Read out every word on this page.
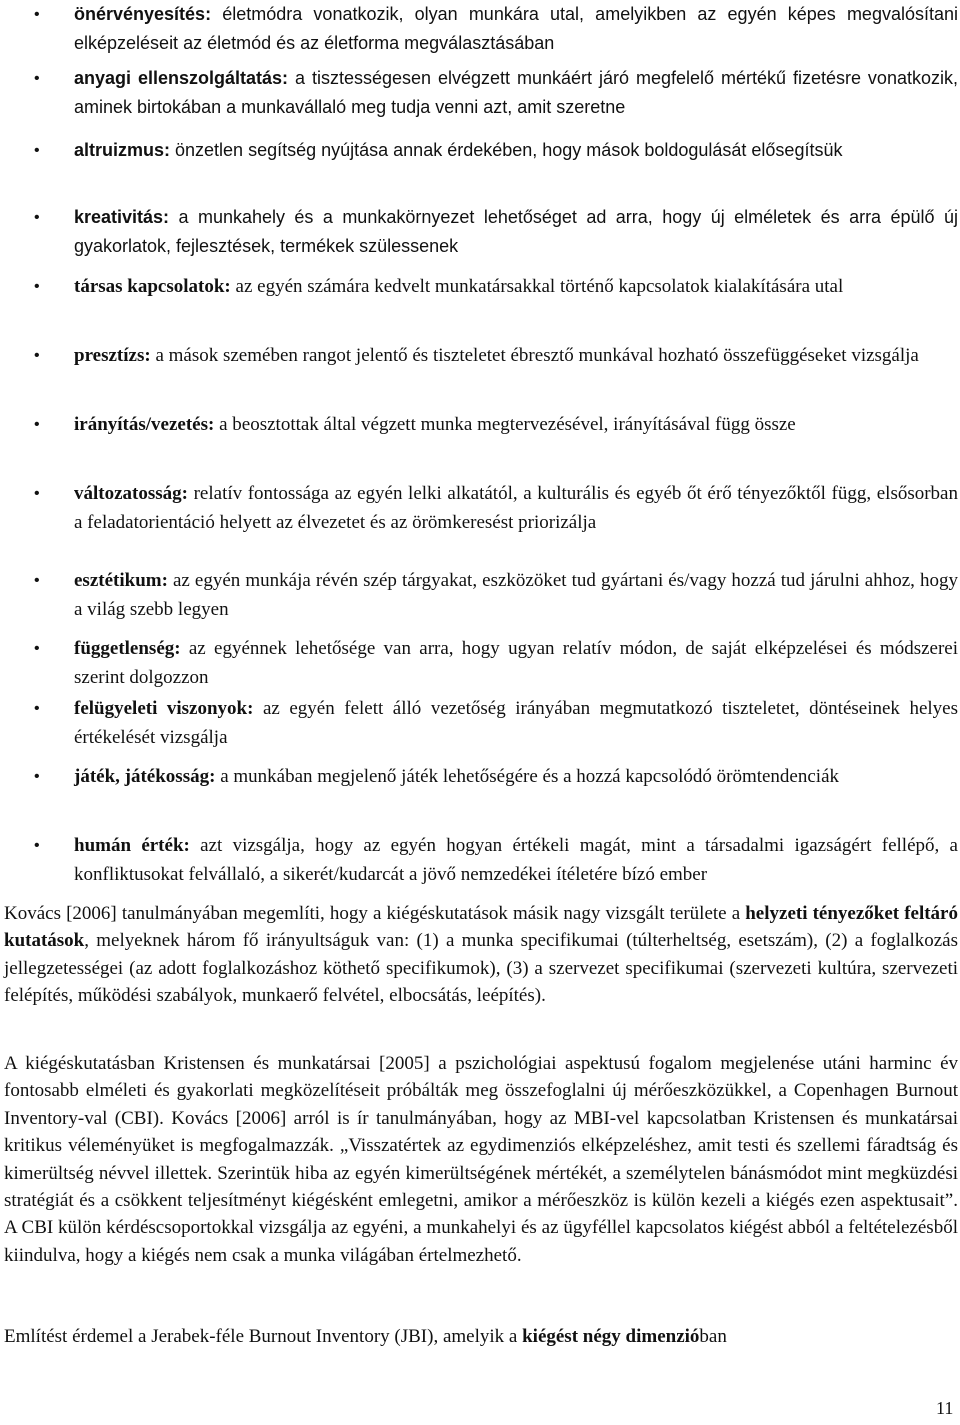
• önérvényesítés: életmódra vonatkozik, olyan munkára utal, amelyikben az egyén képes megvalósítani elképzeléseit az életmód és az életforma megválasztásában
• anyagi ellenszolgáltatás: a tisztességesen elvégzett munkáért járó megfelelő mértékű fizetésre vonatkozik, aminek birtokában a munkavállaló meg tudja venni azt, amit szeretne
• altruizmus: önzetlen segítség nyújtása annak érdekében, hogy mások boldogulását elősegítsük
• kreativitás: a munkahely és a munkakörnyezet lehetőséget ad arra, hogy új elméletek és arra épülő új gyakorlatok, fejlesztések, termékek szülessenek
• társas kapcsolatok: az egyén számára kedvelt munkatársakkal történő kapcsolatok kialakítására utal
• presztízs: a mások szemében rangot jelentő és tiszteletet ébresztő munkával hozható összefüggéseket vizsgálja
• irányítás/vezetés: a beosztottak által végzett munka megtervezésével, irányításával függ össze
• változatosság: relatív fontossága az egyén lelki alkatától, a kulturális és egyéb őt érő tényezőktől függ, elsősorban a feladatorientáció helyett az élvezetet és az örömkeresést priorizálja
• esztétikum: az egyén munkája révén szép tárgyakat, eszközöket tud gyártani és/vagy hozzá tud járulni ahhoz, hogy a világ szebb legyen
• függetlenség: az egyénnek lehetősége van arra, hogy ugyan relatív módon, de saját elképzelései és módszerei szerint dolgozzon
• felügyeleti viszonyok: az egyén felett álló vezetőség irányában megmutatkozó tiszteletet, döntéseinek helyes értékelését vizsgálja
• játék, játékosság: a munkában megjelenő játék lehetőségére és a hozzá kapcsolódó örömtendenciák
• humán érték: azt vizsgálja, hogy az egyén hogyan értékeli magát, mint a társadalmi igazságért fellépő, a konfliktusokat felvállaló, a sikerét/kudarcát a jövő nemzedékei ítéletére bízó ember

Kovács [2006] tanulmányában megemlíti, hogy a kiégéskutatások másik nagy vizsgált területe a helyzeti tényezőket feltáró kutatások, melyeknek három fő irányultságuk van: (1) a munka specifikumai (túlterheltség, esetszám), (2) a foglalkozás jellegzetességei (az adott foglalkozáshoz köthető specifikumok), (3) a szervezet specifikumai (szervezeti kultúra, szervezeti felépítés, működési szabályok, munkaerő felvétel, elbocsátás, leépítés).

A kiégéskutatásban Kristensen és munkatársai [2005] a pszichológiai aspektusú fogalom megjelenése utáni harminc év fontosabb elméleti és gyakorlati megközelítéseit próbálták meg összefoglalni új mérőeszközükkel, a Copenhagen Burnout Inventory-val (CBI). Kovács [2006] arról is ír tanulmányában, hogy az MBI-vel kapcsolatban Kristensen és munkatársai kritikus véleményüket is megfogalmazzák. „Visszatértek az egydimenziós elképzeléshez, amit testi és szellemi fáradtság és kimerültség névvel illettek. Szerintük hiba az egyén kimerültségének mértékét, a személytelen bánásmódot mint megküzdési stratégiát és a csökkent teljesítményt kiégésként emlegetni, amikor a mérőeszköz is külön kezeli a kiégés ezen aspektusait”. A CBI külön kérdéscsoportokkal vizsgálja az egyéni, a munkahelyi és az ügyféllel kapcsolatos kiégést abból a feltételezésből kiindulva, hogy a kiégés nem csak a munka világában értelmezhető.

Említést érdemel a Jerabek-féle Burnout Inventory (JBI), amelyik a kiégést négy dimenzióban

11
